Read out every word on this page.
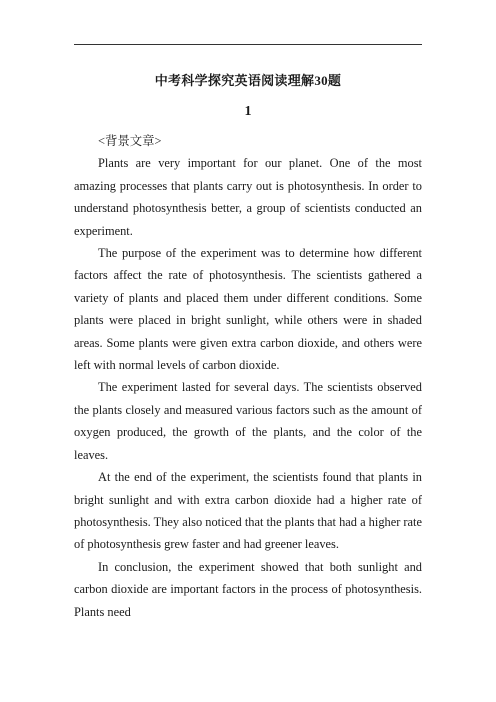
中考科学探究英语阅读理解30题
1

<背景文章>

Plants are very important for our planet. One of the most amazing processes that plants carry out is photosynthesis. In order to understand photosynthesis better, a group of scientists conducted an experiment.

The purpose of the experiment was to determine how different factors affect the rate of photosynthesis. The scientists gathered a variety of plants and placed them under different conditions. Some plants were placed in bright sunlight, while others were in shaded areas. Some plants were given extra carbon dioxide, and others were left with normal levels of carbon dioxide.

The experiment lasted for several days. The scientists observed the plants closely and measured various factors such as the amount of oxygen produced, the growth of the plants, and the color of the leaves.

At the end of the experiment, the scientists found that plants in bright sunlight and with extra carbon dioxide had a higher rate of photosynthesis. They also noticed that the plants that had a higher rate of photosynthesis grew faster and had greener leaves.

In conclusion, the experiment showed that both sunlight and carbon dioxide are important factors in the process of photosynthesis. Plants need
